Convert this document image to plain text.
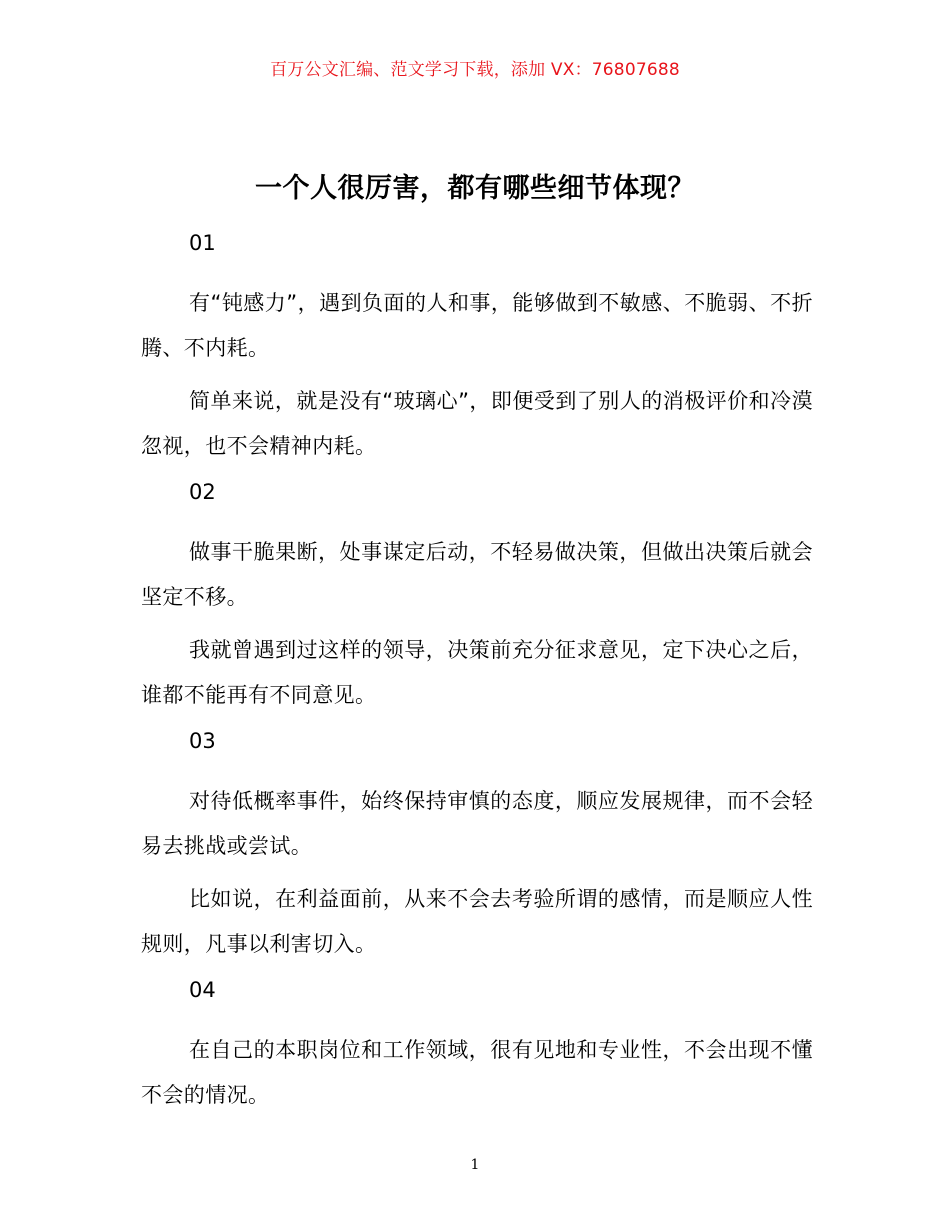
百万公文汇编、范文学习下载，添加 VX：76807688
一个人很厉害，都有哪些细节体现？

01

有“钝感力”，遇到负面的人和事，能够做到不敏感、不脆弱、不折腾、不内耗。

简单来说，就是没有“玻璃心”，即便受到了别人的消极评价和冷漠忽视，也不会精神内耗。

02

做事干脆果断，处事谋定后动，不轻易做决策，但做出决策后就会坚定不移。

我就曾遇到过这样的领导，决策前充分征求意见，定下决心之后，谁都不能再有不同意见。

03

对待低概率事件，始终保持审慎的态度，顺应发展规律，而不会轻易去挑战或尝试。

比如说，在利益面前，从来不会去考验所谓的感情，而是顺应人性规则，凡事以利害切入。

04

在自己的本职岗位和工作领域，很有见地和专业性，不会出现不懂不会的情况。

1
